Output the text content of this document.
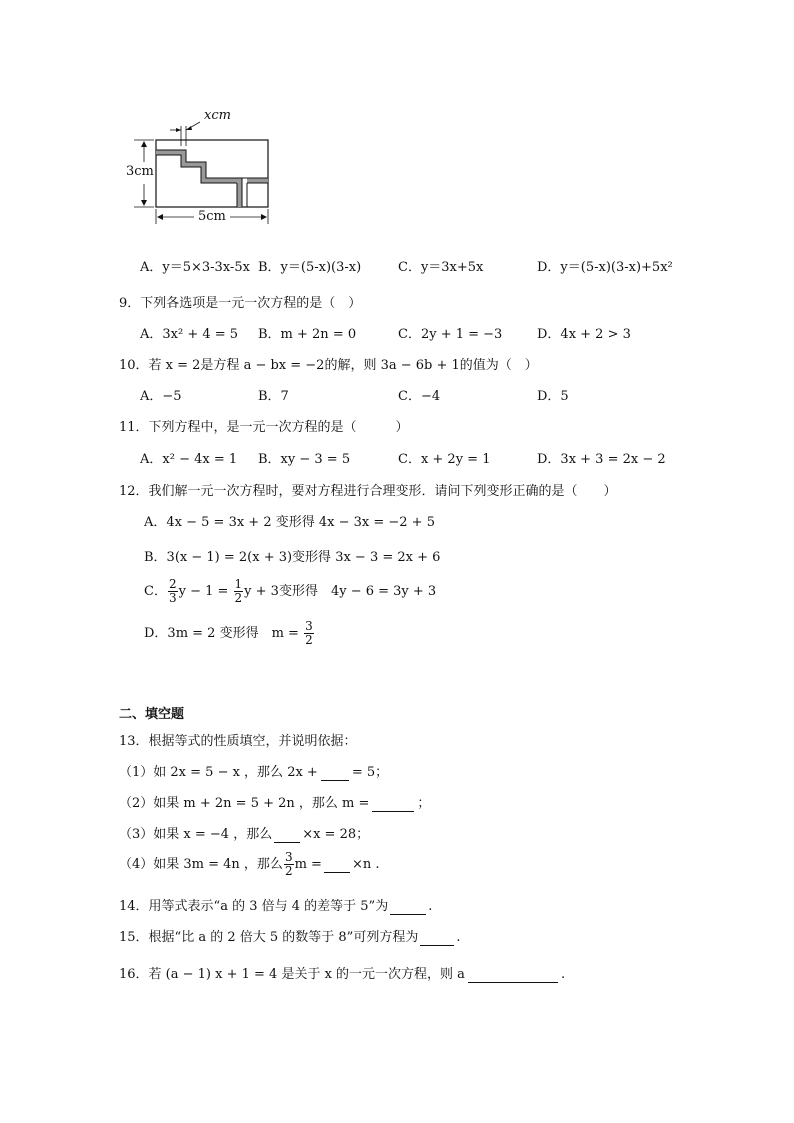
xcm
3cm
5cm
A．y＝5×3-3x-5x B．y＝(5-x)(3-x)	C．y＝3x+5x	D．y＝(5-x)(3-x)+5x²
9．下列各选项是一元一次方程的是（　）
A．3x² + 4 = 5 B．m + 2n = 0	C．2y + 1 = −3	D．4x + 2 > 3
10．若 x = 2是方程 a − bx = −2的解，则 3a − 6b + 1的值为（　）
A．−5	B．7	C．−4	D．5
11．下列方程中，是一元一次方程的是（　　　）
A．x² − 4x = 1 B．xy − 3 = 5	C．x + 2y = 1	D．3x + 3 = 2x − 2
12．我们解一元一次方程时，要对方程进行合理变形．请问下列变形正确的是（　　）
A．4x − 5 = 3x + 2 变形得 4x − 3x = −2 + 5
B．3(x − 1) = 2(x + 3)变形得 3x − 3 = 2x + 6
C． $\frac{2}{3}$ $y - 1 = \frac{1}{2}$ y + 3变形得　4y − 6 = 3y + 3
D．3m = 2 变形得　$m = \frac{3}{2}$
二、填空题
13．根据等式的性质填空，并说明依据：
（1）如 2x = 5 − x ，那么 2x +	= 5；
（2）如果 m + 2n = 5 + 2n ，那么 m =	；
（3）如果 x = −4 ，那么 ×x = 28；
（4）如果 3m = 4n ，那么 $\frac{3}{2}$ m = ×n .
14．用等式表示“a 的 3 倍与 4 的差等于 5”为	.
15．根据“比 a 的 2 倍大 5 的数等于 8”可列方程为	.
16．若 (a − 1) x + 1 = 4 是关于 x 的一元一次方程，则 a	.
